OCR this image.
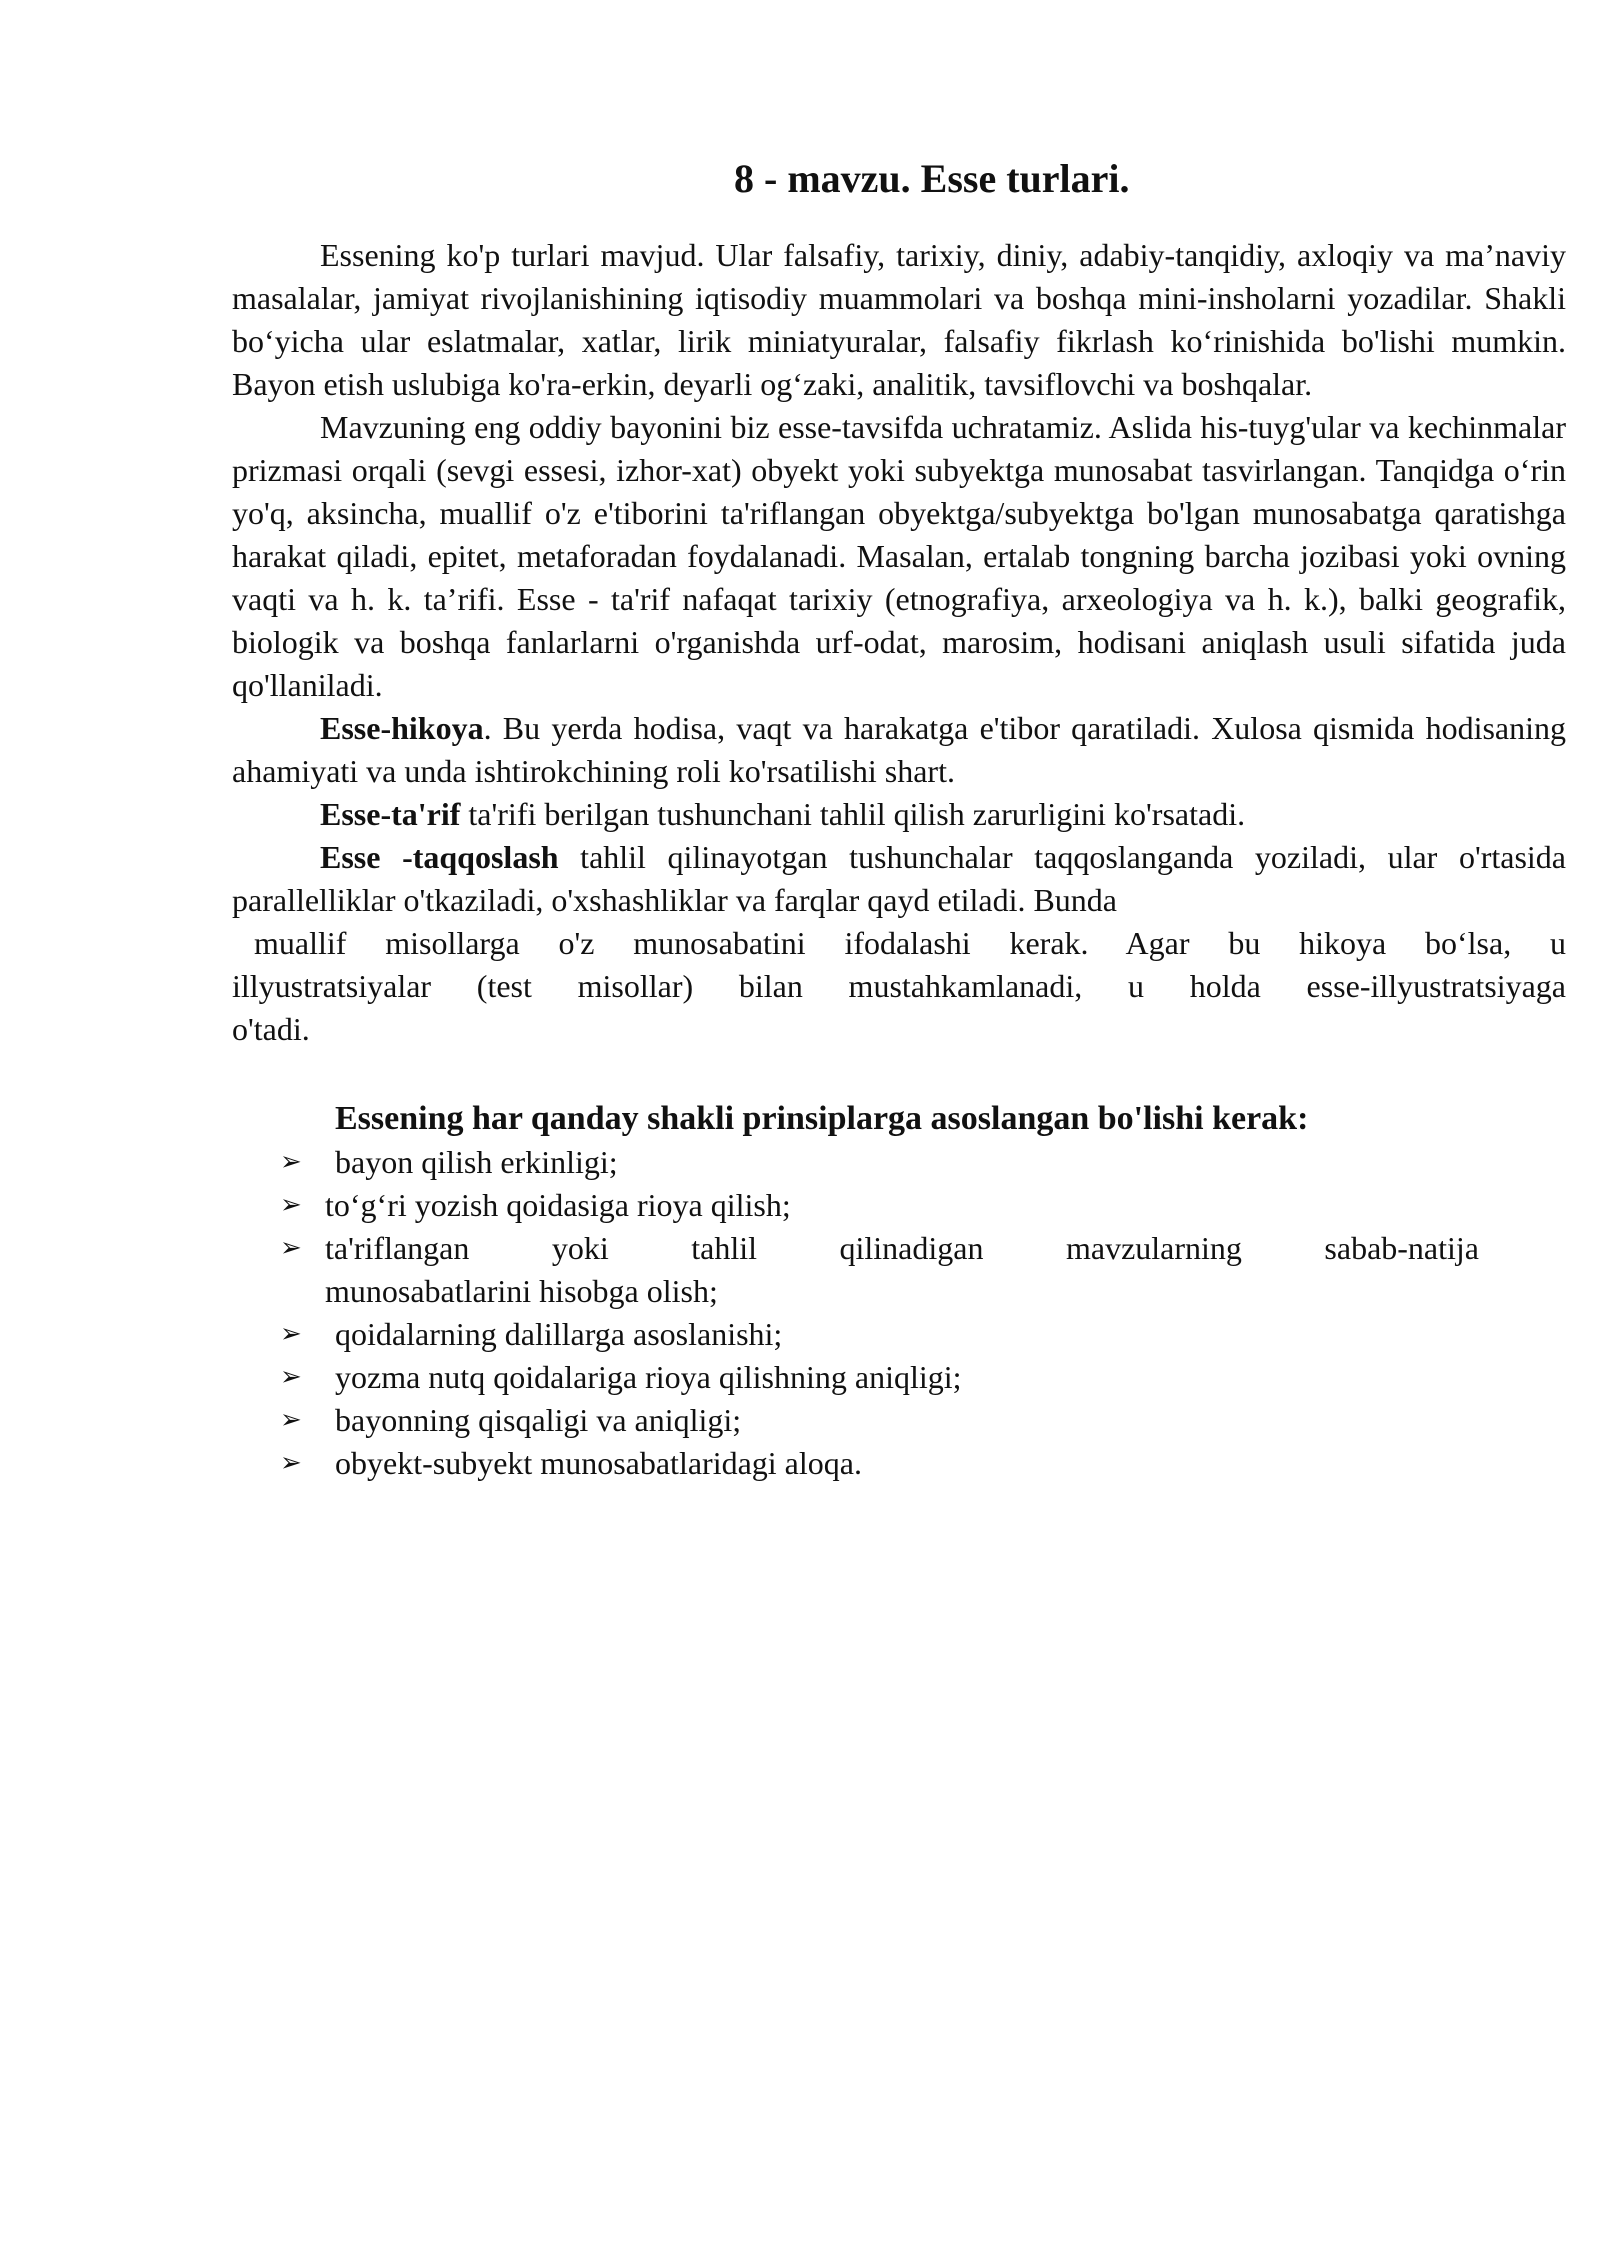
8 - mavzu. Esse turlari.

Essening ko'p turlari mavjud. Ular falsafiy, tarixiy, diniy, adabiy-tanqidiy, axloqiy va ma’naviy masalalar, jamiyat rivojlanishining iqtisodiy muammolari va boshqa mini-insholarni yozadilar. Shakli bo‘yicha ular eslatmalar, xatlar, lirik miniatyuralar, falsafiy fikrlash ko‘rinishida bo'lishi mumkin. Bayon etish uslubiga ko'ra-erkin, deyarli og‘zaki, analitik, tavsiflovchi va boshqalar.

Mavzuning eng oddiy bayonini biz esse-tavsifda uchratamiz. Aslida his-tuyg'ular va kechinmalar prizmasi orqali (sevgi essesi, izhor-xat) obyekt yoki subyektga munosabat tasvirlangan. Tanqidga o‘rin yo'q, aksincha, muallif o'z e'tiborini ta'riflangan obyektga/subyektga bo'lgan munosabatga qaratishga harakat qiladi, epitet, metaforadan foydalanadi. Masalan, ertalab tongning barcha jozibasi yoki ovning vaqti va h. k. ta’rifi. Esse - ta'rif nafaqat tarixiy (etnografiya, arxeologiya va h. k.), balki geografik, biologik va boshqa fanlarlarni o'rganishda urf-odat, marosim, hodisani aniqlash usuli sifatida juda qo'llaniladi.

Esse-hikoya. Bu yerda hodisa, vaqt va harakatga e'tibor qaratiladi. Xulosa qismida hodisaning ahamiyati va unda ishtirokchining roli ko'rsatilishi shart.

Esse-ta'rif ta'rifi berilgan tushunchani tahlil qilish zarurligini ko'rsatadi.

Esse -taqqoslash tahlil qilinayotgan tushunchalar taqqoslanganda yoziladi, ular o'rtasida parallelliklar o'tkaziladi, o'xshashliklar va farqlar qayd etiladi. Bunda

muallif misollarga o'z munosabatini ifodalashi kerak. Agar bu hikoya bo‘lsa, u
illyustratsiyalar (test misollar) bilan mustahkamlanadi, u holda esse-illyustratsiyaga
o'tadi.
Essening har qanday shakli prinsiplarga asoslangan bo'lishi kerak:
➢ bayon qilish erkinligi;
➢ to‘g‘ri yozish qoidasiga rioya qilish;
➢ ta'riflangan yoki tahlil qilinadigan mavzularning sabab-natija
munosabatlarini hisobga olish;
➢ qoidalarning dalillarga asoslanishi;
➢ yozma nutq qoidalariga rioya qilishning aniqligi;
➢ bayonning qisqaligi va aniqligi;
➢ obyekt-subyekt munosabatlaridagi aloqa.
